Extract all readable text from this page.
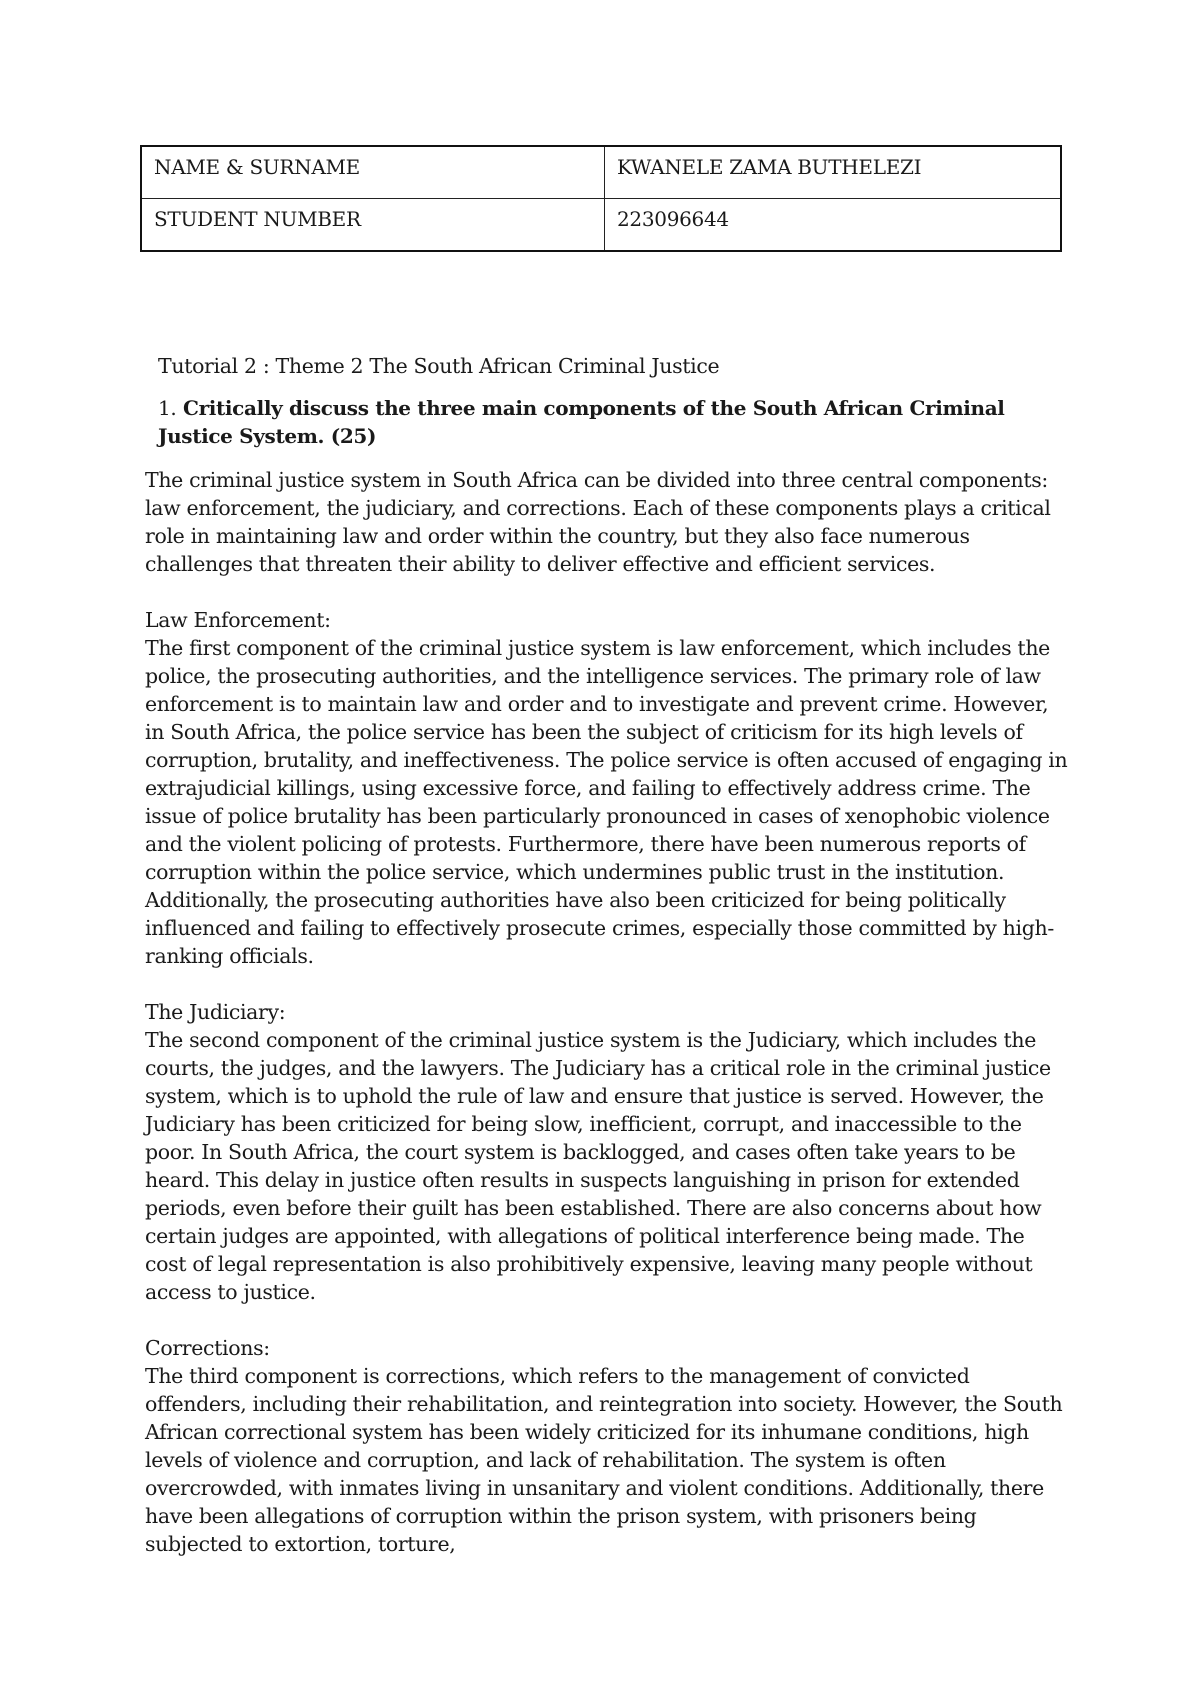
NAME & SURNAME	KWANELE ZAMA BUTHELEZI
STUDENT NUMBER	223096644

Tutorial 2 : Theme 2 The South African Criminal Justice

1. Critically discuss the three main components of the South African Criminal Justice System. (25)

The criminal justice system in South Africa can be divided into three central components: law enforcement, the judiciary, and corrections. Each of these components plays a critical role in maintaining law and order within the country, but they also face numerous challenges that threaten their ability to deliver effective and efficient services.

Law Enforcement:

The first component of the criminal justice system is law enforcement, which includes the police, the prosecuting authorities, and the intelligence services. The primary role of law enforcement is to maintain law and order and to investigate and prevent crime. However, in South Africa, the police service has been the subject of criticism for its high levels of corruption, brutality, and ineffectiveness. The police service is often accused of engaging in extrajudicial killings, using excessive force, and failing to effectively address crime. The issue of police brutality has been particularly pronounced in cases of xenophobic violence and the violent policing of protests. Furthermore, there have been numerous reports of corruption within the police service, which undermines public trust in the institution. Additionally, the prosecuting authorities have also been criticized for being politically influenced and failing to effectively prosecute crimes, especially those committed by high-ranking officials.

The Judiciary:

The second component of the criminal justice system is the Judiciary, which includes the courts, the judges, and the lawyers. The Judiciary has a critical role in the criminal justice system, which is to uphold the rule of law and ensure that justice is served. However, the Judiciary has been criticized for being slow, inefficient, corrupt, and inaccessible to the poor. In South Africa, the court system is backlogged, and cases often take years to be heard. This delay in justice often results in suspects languishing in prison for extended periods, even before their guilt has been established. There are also concerns about how certain judges are appointed, with allegations of political interference being made. The cost of legal representation is also prohibitively expensive, leaving many people without access to justice.

Corrections:

The third component is corrections, which refers to the management of convicted offenders, including their rehabilitation, and reintegration into society. However, the South African correctional system has been widely criticized for its inhumane conditions, high levels of violence and corruption, and lack of rehabilitation. The system is often overcrowded, with inmates living in unsanitary and violent conditions. Additionally, there have been allegations of corruption within the prison system, with prisoners being subjected to extortion, torture,
